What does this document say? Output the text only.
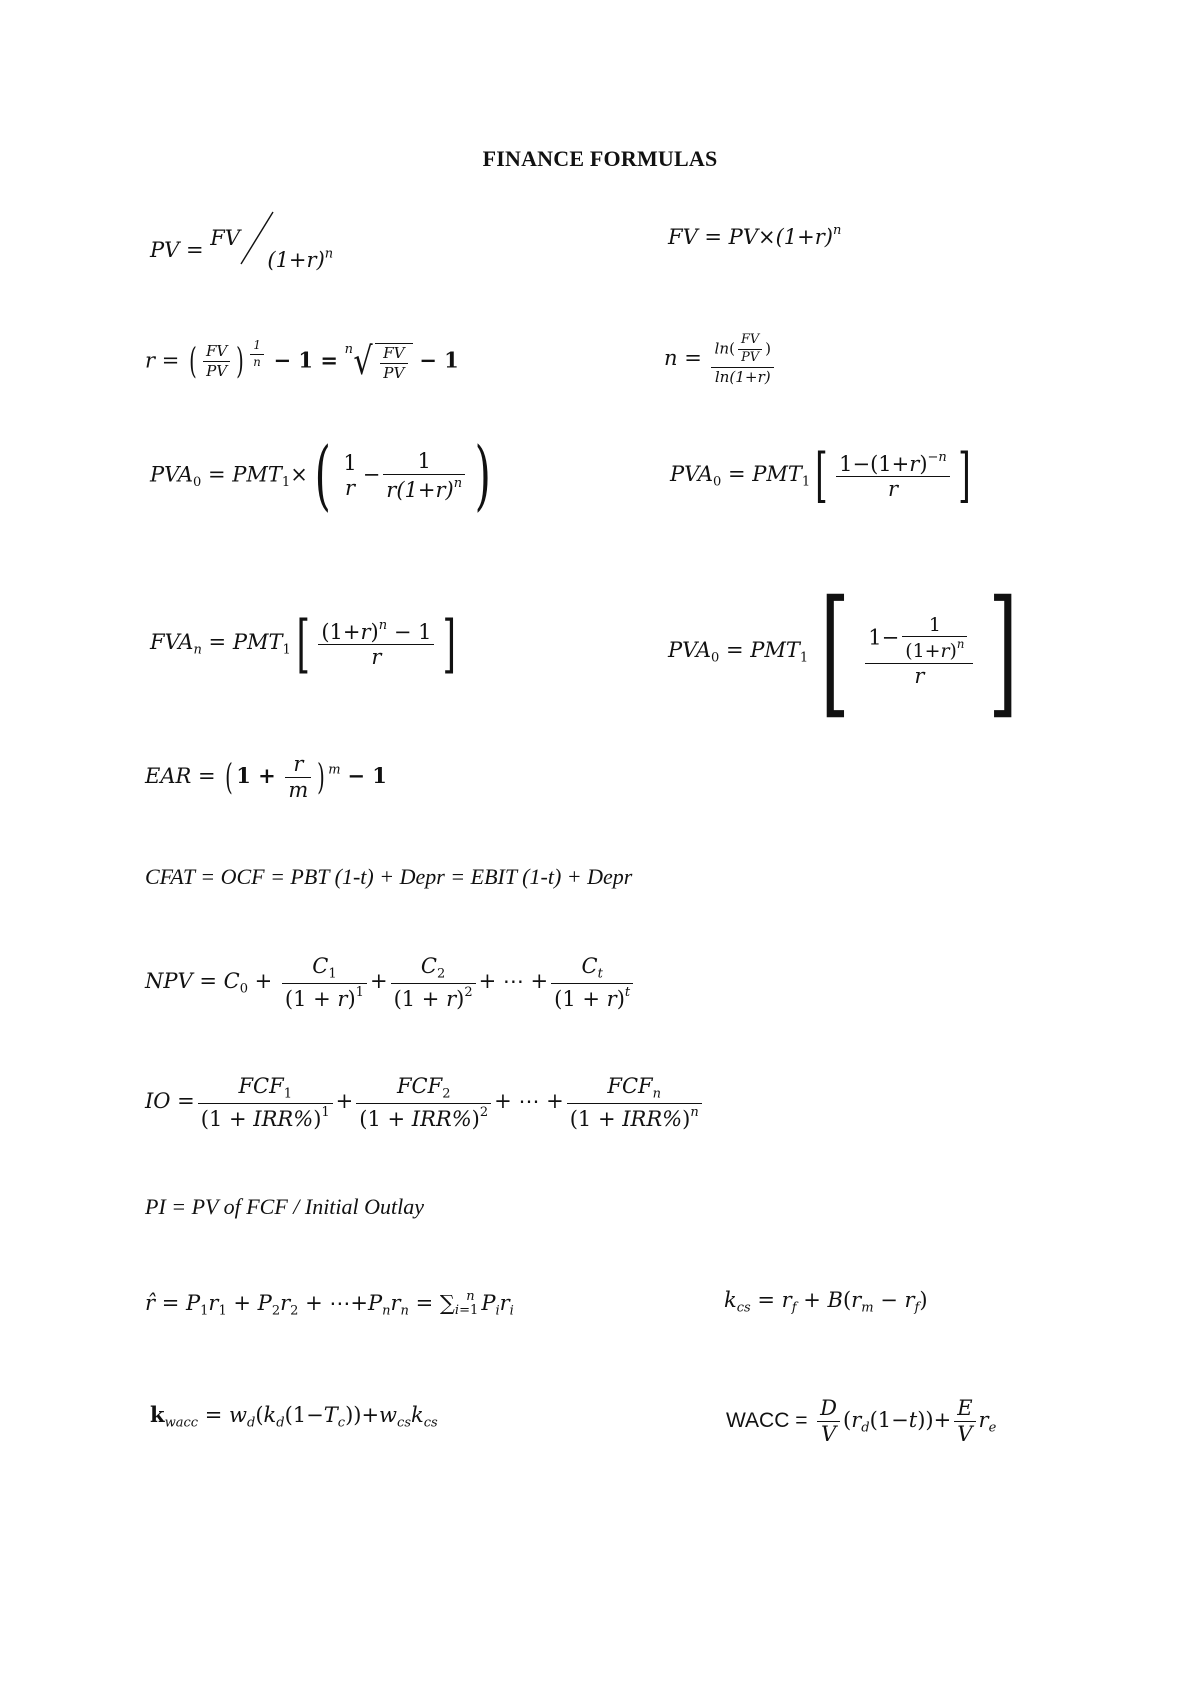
FINANCE FORMULAS
PV = FV  $(1+r)^n$
FV = $PV\times(1+r)^n$
r = ( $\frac{FV}{PV}$ ) $^{\frac{1}{n}}$ − 1 = n √ $\frac{FV}{PV} - 1$	$n = \frac{\ln( \frac{FV}{PV} )}{\ln(1+r)}$
$PVA_0 = PMT_1\times$( 1
r
− $\frac{1}{r(1+r)^n}$ )	$PVA_0 = PMT_1[ \frac{1-(1+r)^{-n}}{r}$ ]
$FVA_n = PMT_1[ \frac{(1+r)^n - 1}{r}$ ]	$PVA_0 = PMT_1[ \frac{1- \frac{1}{(1+r)^n}}{r}$ ]
EAR = ( $1 + \frac{r}{m}$ ) $^m$ − 1
CFAT = OCF = PBT (1-t) + Depr = EBIT (1-t) + Depr
NPV = $C_0 + \frac{C_1}{(1 + r)^1} + \frac{C_2}{(1 + r)^2}$ + ⋯ + $\frac{C_t}{(1 + r)^t}$
IO = $\frac{FCF_1}{(1 + IRR\%)^1} + \frac{FCF_2}{(1 + IRR\%)^2}$ + ⋯ + $\frac{FCF_n}{(1 + IRR\%)^n}$
PI = PV of FCF / Initial Outlay
r̂ = $P_1r_1 + P_2r_2$ + $\cdots+P_nr_n = \sum_{i=1}^n$ $P_ir_i$	$k_{cs} = r_f + B(r_m - r_f)$
$k_{wacc} = w_d(k_d(1-T_c))+w_{cs}k_{cs}$	WACC = $\frac{D}{V} (r_d(1-t))+ \frac{E}{V} r_e$
